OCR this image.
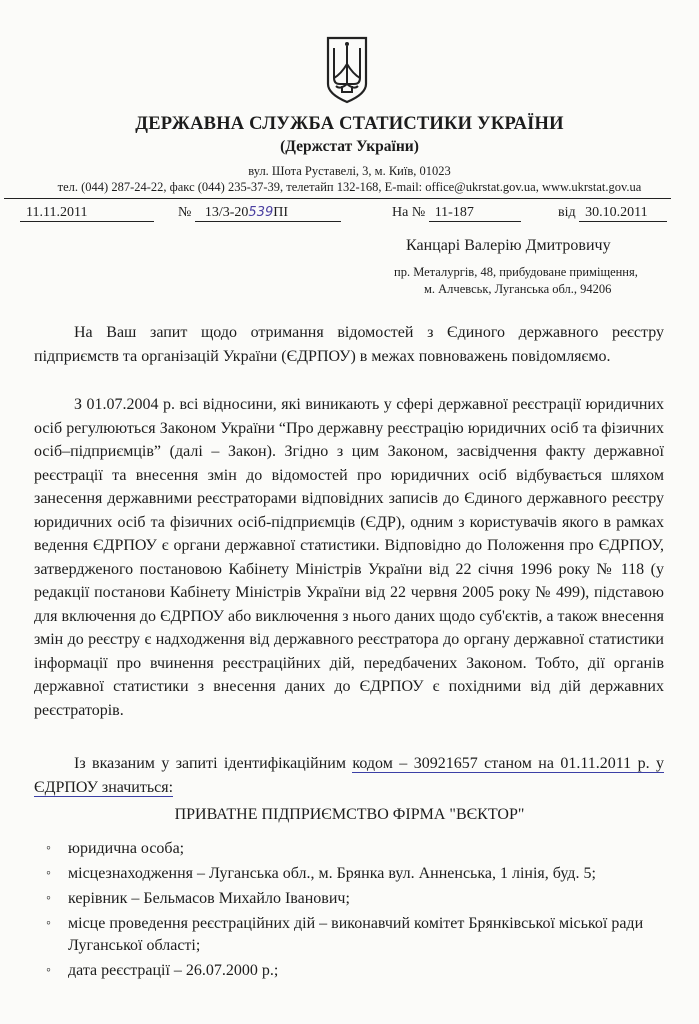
ДЕРЖАВНА СЛУЖБА СТАТИСТИКИ УКРАЇНИ
(Держстат України)
вул. Шота Руставелі, 3, м. Київ, 01023
тел. (044) 287-24-22, факс (044) 235-37-39, телетайп 132-168, E-mail: office@ukrstat.gov.ua, www.ukrstat.gov.ua
11.11.2011	№ 13/3-20539ПІ	На № 11-187	від 30.10.2011
Канцарі Валерію Дмитровичу
пр. Металургів, 48, прибудоване приміщення,
м. Алчевськ, Луганська обл., 94206
На Ваш запит щодо отримання відомостей з Єдиного державного реєстру підприємств та організацій України (ЄДРПОУ) в межах повноважень повідомляємо.
З 01.07.2004 р. всі відносини, які виникають у сфері державної реєстрації юридичних осіб регулюються Законом України “Про державну реєстрацію юридичних осіб та фізичних осіб–підприємців” (далі – Закон). Згідно з цим Законом, засвідчення факту державної реєстрації та внесення змін до відомостей про юридичних осіб відбувається шляхом занесення державними реєстраторами відповідних записів до Єдиного державного реєстру юридичних осіб та фізичних осіб-підприємців (ЄДР), одним з користувачів якого в рамках ведення ЄДРПОУ є органи державної статистики. Відповідно до Положення про ЄДРПОУ, затвердженого постановою Кабінету Міністрів України від 22 січня 1996 року № 118 (у редакції постанови Кабінету Міністрів України від 22 червня 2005 року № 499), підставою для включення до ЄДРПОУ або виключення з нього даних щодо суб'єктів, а також внесення змін до реєстру є надходження від державного реєстратора до органу державної статистики інформації про вчинення реєстраційних дій, передбачених Законом. Тобто, дії органів державної статистики з внесення даних до ЄДРПОУ є похідними від дій державних реєстраторів.
Із вказаним у запиті ідентифікаційним кодом – 30921657 станом на 01.11.2011 р. у ЄДРПОУ значиться:
ПРИВАТНЕ ПІДПРИЄМСТВО ФІРМА "ВЄКТОР"
◦ юридична особа;
◦ місцезнаходження – Луганська обл., м. Брянка вул. Анненська, 1 лінія, буд. 5;
◦ керівник – Бельмасов Михайло Іванович;
◦ місце проведення реєстраційних дій – виконавчий комітет Брянківської міської ради Луганської області;
◦ дата реєстрації – 26.07.2000 р.;
